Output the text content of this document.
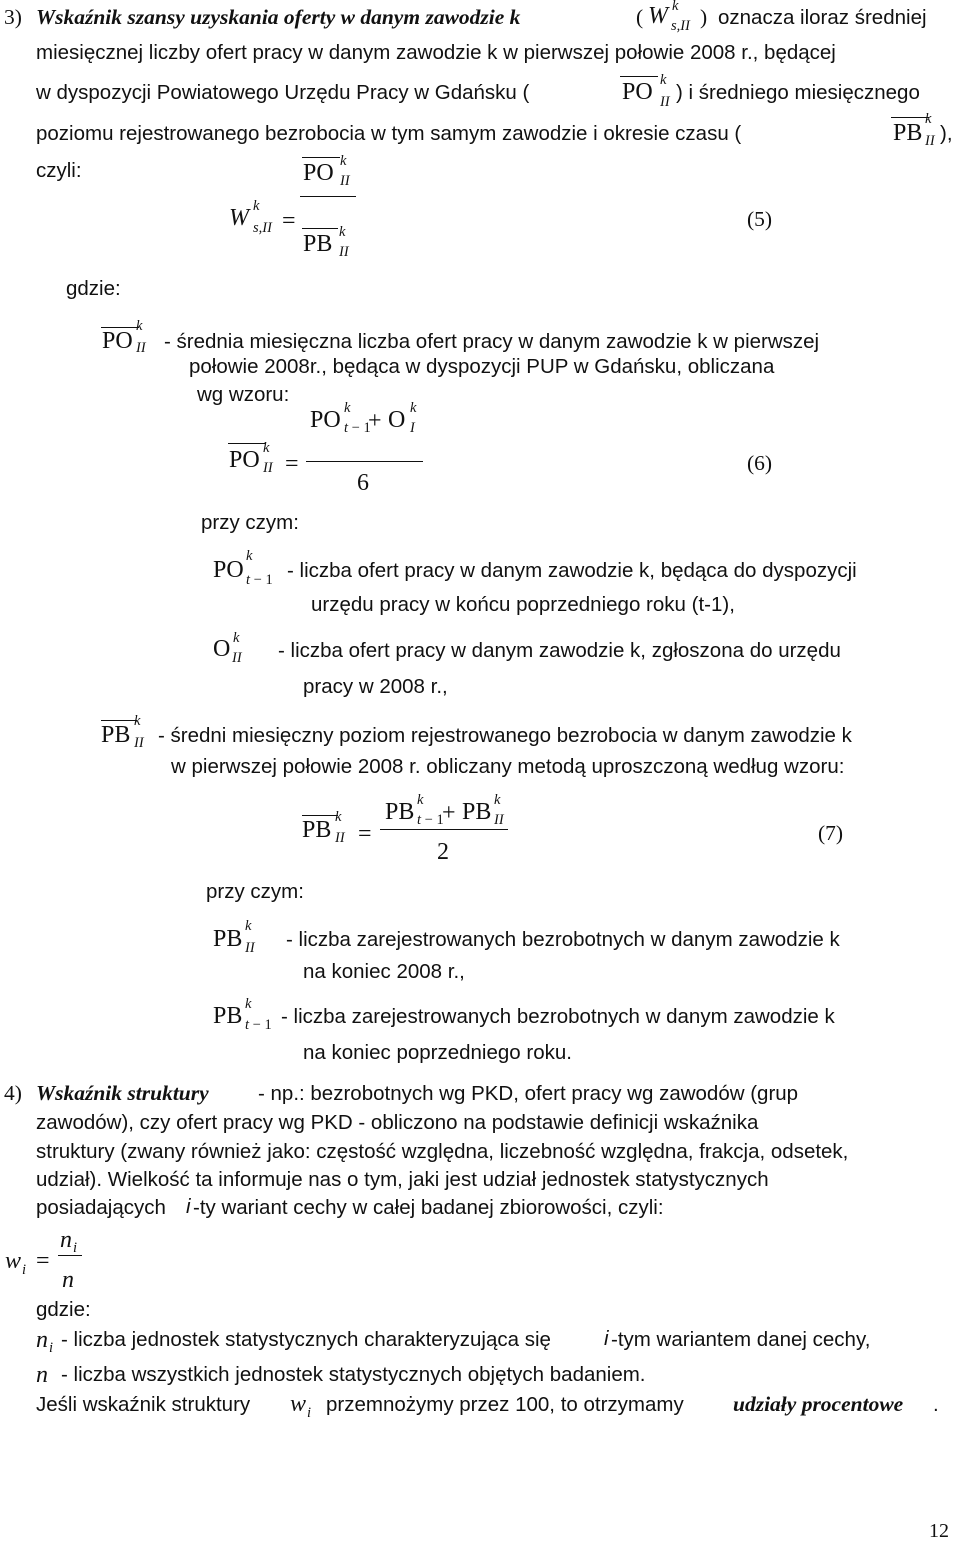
3) Wskaźnik szansy uzyskania oferty w danym zawodzie k	( W k
s,II ) oznacza iloraz średniej
miesięcznej liczby ofert pracy w danym zawodzie k w pierwszej połowie 2008 r., będącej
w dyspozycji Powiatowego Urzędu Pracy w Gdańsku (	PO k
II ) i średniego miesięcznego
poziomu rejestrowanego bezrobocia w tym samym zawodzie i okresie czasu (	PB
k
II ),
czyli:
W k
s,II =
PO k
II
PB k
II
(5)
gdzie:
PO
k
II - średnia miesięczna liczba ofert pracy w danym zawodzie k w pierwszej
połowie 2008r., będąca w dyspozycji PUP w Gdańsku, obliczana
wg wzoru:
PO k
II =
PO k
t − 1
+ O k
I
6
(6)
przy czym:
PO
k
t − 1 - liczba ofert pracy w danym zawodzie k, będąca do dyspozycji
urzędu pracy w końcu poprzedniego roku (t-1),
O k
II - liczba ofert pracy w danym zawodzie k, zgłoszona do urzędu
pracy w 2008 r.,
PB
k
II - średni miesięczny poziom rejestrowanego bezrobocia w danym zawodzie k
w pierwszej połowie 2008 r. obliczany metodą uproszczoną według wzoru:
PB k
II =
PB k
t − 1
+ PB k
II
2
(7)
przy czym:
PB k
II - liczba zarejestrowanych bezrobotnych w danym zawodzie k
na koniec 2008 r.,
PB k
t − 1 - liczba zarejestrowanych bezrobotnych w danym zawodzie k
na koniec poprzedniego roku.
4) Wskaźnik struktury - np.: bezrobotnych wg PKD, ofert pracy wg zawodów (grup
zawodów), czy ofert pracy wg PKD - obliczono na podstawie definicji wskaźnika
struktury (zwany również jako: częstość względna, liczebność względna, frakcja, odsetek,
udział). Wielkość ta informuje nas o tym, jaki jest udział jednostek statystycznych
posiadających i -ty wariant cechy w całej badanej zbiorowości, czyli:
w i =
n i
n
gdzie:
n i - liczba jednostek statystycznych charakteryzująca się	i -tym wariantem danej cechy,
n - liczba wszystkich jednostek statystycznych objętych badaniem.
Jeśli wskaźnik struktury w i przemnożymy przez 100, to otrzymamy udziały procentowe .
12
